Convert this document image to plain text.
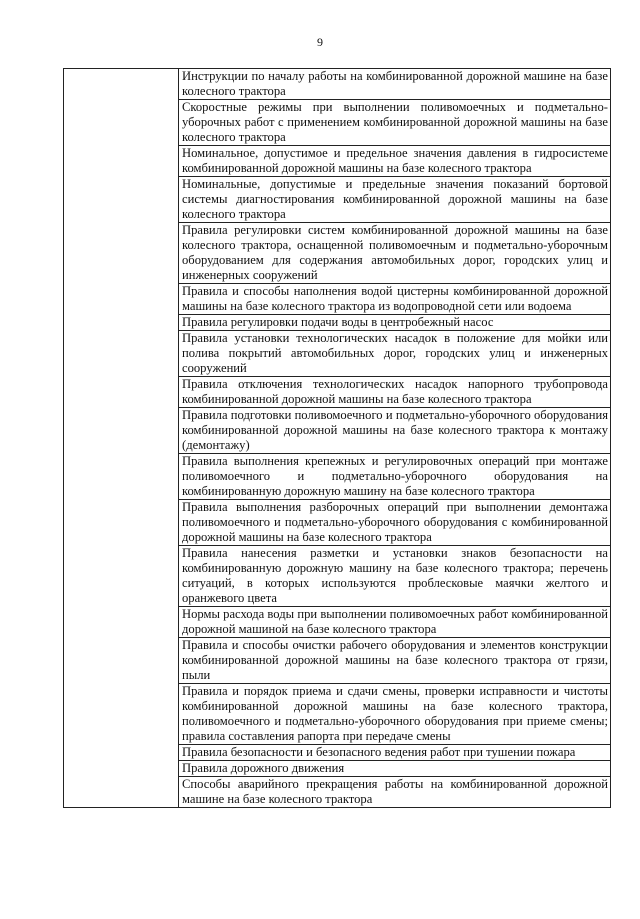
9
	Инструкции по началу работы на комбинированной дорожной машине на базе колесного трактора
Скоростные режимы при выполнении поливомоечных и подметально-уборочных работ с применением комбинированной дорожной машины на базе колесного трактора
Номинальное, допустимое и предельное значения давления в гидросистеме комбинированной дорожной машины на базе колесного трактора
Номинальные, допустимые и предельные значения показаний бортовой системы диагностирования комбинированной дорожной машины на базе колесного трактора
Правила регулировки систем комбинированной дорожной машины на базе колесного трактора, оснащенной поливомоечным и подметально-уборочным оборудованием для содержания автомобильных дорог, городских улиц и инженерных сооружений
Правила и способы наполнения водой цистерны комбинированной дорожной машины на базе колесного трактора из водопроводной сети или водоема
Правила регулировки подачи воды в центробежный насос
Правила установки технологических насадок в положение для мойки или полива покрытий автомобильных дорог, городских улиц и инженерных сооружений
Правила отключения технологических насадок напорного трубопровода комбинированной дорожной машины на базе колесного трактора
Правила подготовки поливомоечного и подметально-уборочного оборудования комбинированной дорожной машины на базе колесного трактора к монтажу (демонтажу)
Правила выполнения крепежных и регулировочных операций при монтаже поливомоечного и подметально-уборочного оборудования на комбинированную дорожную машину на базе колесного трактора
Правила выполнения разборочных операций при выполнении демонтажа поливомоечного и подметально-уборочного оборудования с комбинированной дорожной машины на базе колесного трактора
Правила нанесения разметки и установки знаков безопасности на комбинированную дорожную машину на базе колесного трактора; перечень ситуаций, в которых используются проблесковые маячки желтого и оранжевого цвета
Нормы расхода воды при выполнении поливомоечных работ комбинированной дорожной машиной на базе колесного трактора
Правила и способы очистки рабочего оборудования и элементов конструкции комбинированной дорожной машины на базе колесного трактора от грязи, пыли
Правила и порядок приема и сдачи смены, проверки исправности и чистоты комбинированной дорожной машины на базе колесного трактора, поливомоечного и подметально-уборочного оборудования при приеме смены; правила составления рапорта при передаче смены
Правила безопасности и безопасного ведения работ при тушении пожара
Правила дорожного движения
Способы аварийного прекращения работы на комбинированной дорожной машине на базе колесного трактора
